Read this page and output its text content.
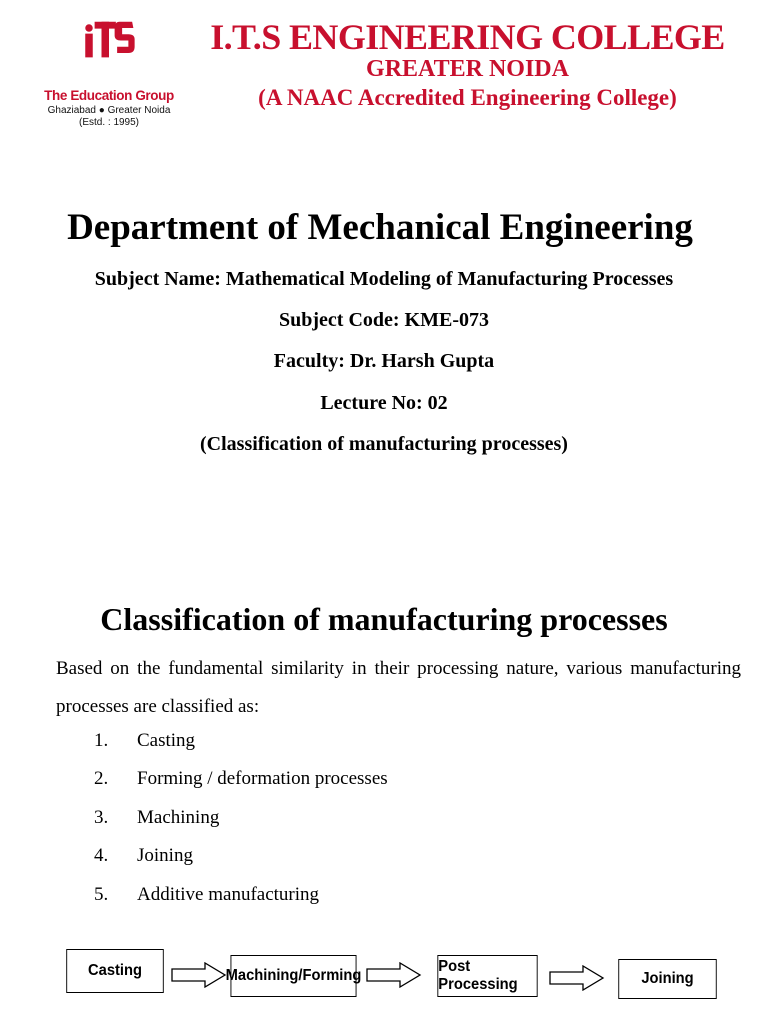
The Education Group
Ghaziabad ● Greater Noida
(Estd. : 1995)
I.T.S ENGINEERING COLLEGE
GREATER NOIDA
(A NAAC Accredited Engineering College)
Department of Mechanical Engineering
Subject Name: Mathematical Modeling of Manufacturing Processes
Subject Code: KME-073
Faculty: Dr. Harsh Gupta
Lecture No: 02
(Classification of manufacturing processes)
Classification of manufacturing processes
Based on the fundamental similarity in their processing nature, various manufacturing processes are classified as:
1. Casting
2. Forming / deformation processes
3. Machining
4. Joining
5. Additive manufacturing
Casting	Machining/Forming
Post Processing	Joining
